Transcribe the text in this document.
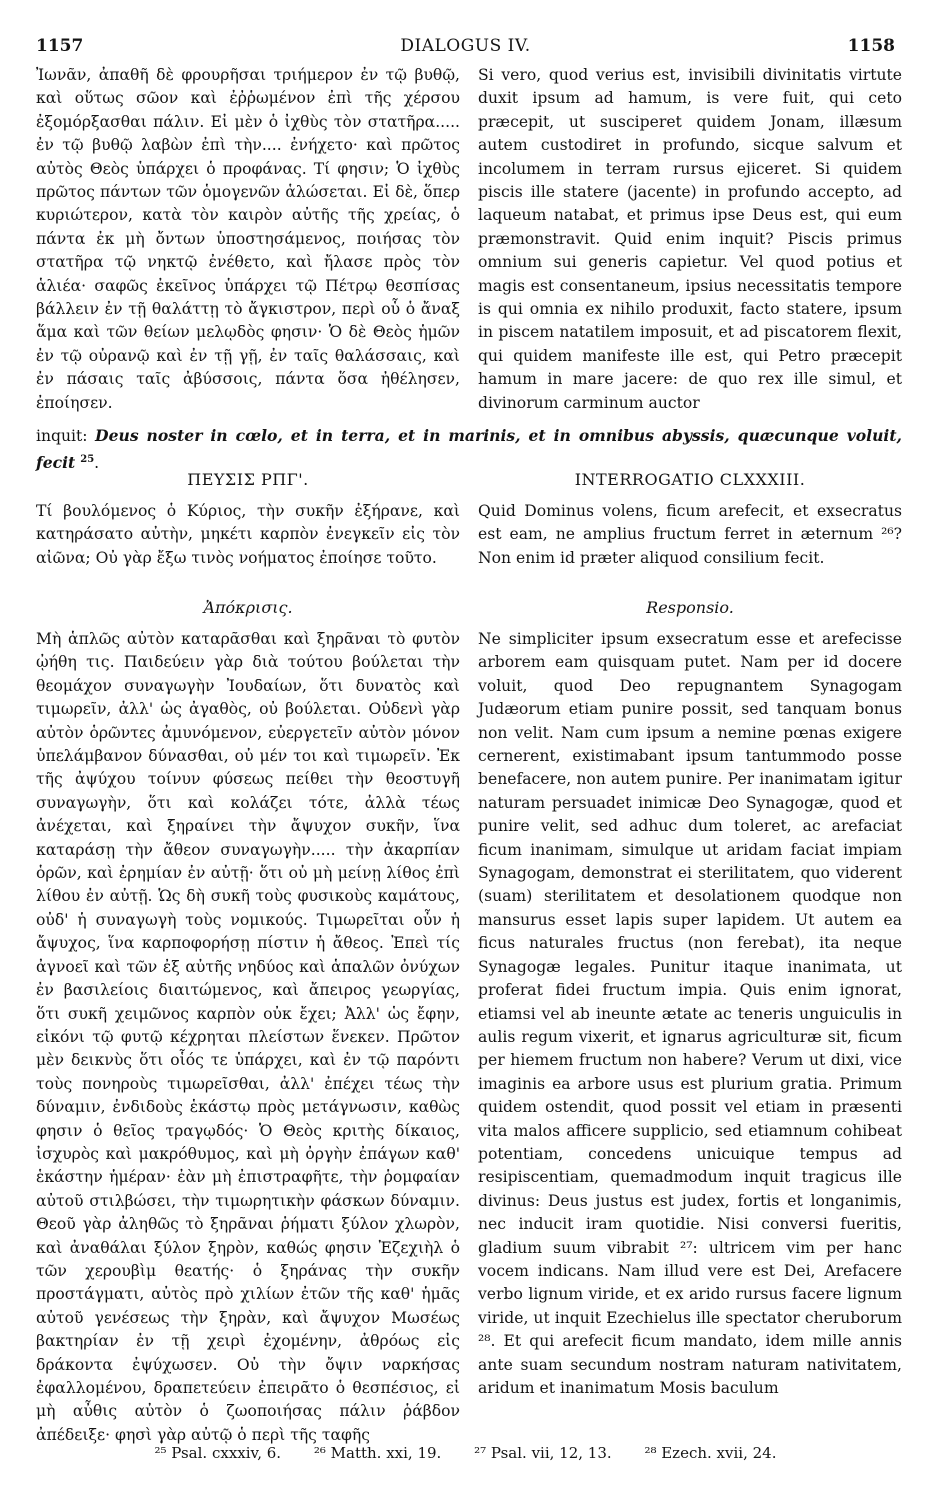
1157	DIALOGUS IV.	1158

Ἰωνᾶν, ἀπαθῆ δὲ φρουρῆσαι τριήμερον ἐν τῷ βυθῷ, καὶ οὕτως σῶον καὶ ἐῤῥωμένον ἐπὶ τῆς χέρσου ἐξομόρξασθαι πάλιν. Εἰ μὲν ὁ ἰχθὺς τὸν στατῆρα..... ἐν τῷ βυθῷ λαβὼν ἐπὶ τὴν.... ἐνήχετο· καὶ πρῶτος αὐτὸς Θεὸς ὑπάρχει ὁ προφάνας. Τί φησιν; Ὁ ἰχθὺς πρῶτος πάντων τῶν ὁμογενῶν ἁλώσεται. Εἰ δὲ, ὅπερ κυριώτερον, κατὰ τὸν καιρὸν αὐτῆς τῆς χρείας, ὁ πάντα ἐκ μὴ ὄντων ὑποστησάμενος, ποιήσας τὸν στατῆρα τῷ νηκτῷ ἐνέθετο, καὶ ἤλασε πρὸς τὸν ἁλιέα· σαφῶς ἐκεῖνος ὑπάρχει τῷ Πέτρῳ θεσπίσας βάλλειν ἐν τῇ θαλάττῃ τὸ ἄγκιστρον, περὶ οὗ ὁ ἄναξ ἅμα καὶ τῶν θείων μελῳδὸς φησιν· Ὁ δὲ Θεὸς ἡμῶν ἐν τῷ οὐρανῷ καὶ ἐν τῇ γῇ, ἐν ταῖς θαλάσσαις, καὶ ἐν πάσαις ταῖς ἀβύσσοις, πάντα ὅσα ἠθέλησεν, ἐποίησεν.

Si vero, quod verius est, invisibili divinitatis virtute duxit ipsum ad hamum, is vere fuit, qui ceto præcepit, ut susciperet quidem Jonam, illæsum autem custodiret in profundo, sicque salvum et incolumem in terram rursus ejiceret. Si quidem piscis ille statere (jacente) in profundo accepto, ad laqueum natabat, et primus ipse Deus est, qui eum præmonstravit. Quid enim inquit? Piscis primus omnium sui generis capietur. Vel quod potius et magis est consentaneum, ipsius necessitatis tempore is qui omnia ex nihilo produxit, facto statere, ipsum in piscem natatilem imposuit, et ad piscatorem flexit, qui quidem manifeste ille est, qui Petro præcepit hamum in mare jacere: de quo rex ille simul, et divinorum carminum auctor

inquit: Deus noster in cœlo, et in terra, et in marinis, et in omnibus abyssis, quæcunque voluit, fecit $^{25}$.
ΠΕΥΣΙΣ ΡΠΓ'.	INTERROGATIO CLXXXIII.

Τί βουλόμενος ὁ Κύριος, τὴν συκῆν ἐξήρανε, καὶ κατηράσατο αὐτὴν, μηκέτι καρπὸν ἐνεγκεῖν εἰς τὸν αἰῶνα; Οὐ γὰρ ἔξω τινὸς νοήματος ἐποίησε τοῦτο.

Quid Dominus volens, ficum arefecit, et exsecratus est eam, ne amplius fructum ferret in æternum ²⁶? Non enim id præter aliquod consilium fecit.

Ἀπόκρισις.	Responsio.

Μὴ ἁπλῶς αὐτὸν καταρᾶσθαι καὶ ξηρᾶναι τὸ φυτὸν ᾠήθη τις. Παιδεύειν γὰρ διὰ τούτου βούλεται τὴν θεομάχον συναγωγὴν Ἰουδαίων, ὅτι δυνατὸς καὶ τιμωρεῖν, ἀλλ' ὡς ἀγαθὸς, οὐ βούλεται. Οὐδενὶ γὰρ αὐτὸν ὁρῶντες ἀμυνόμενον, εὐεργετεῖν αὐτὸν μόνον ὑπελάμβανον δύνασθαι, οὐ μέν τοι καὶ τιμωρεῖν. Ἐκ τῆς ἀψύχου τοίνυν φύσεως πείθει τὴν θεοστυγῆ συναγωγὴν, ὅτι καὶ κολάζει τότε, ἀλλὰ τέως ἀνέχεται, καὶ ξηραίνει τὴν ἄψυχον συκῆν, ἵνα καταράσῃ τὴν ἄθεον συναγωγὴν..... τὴν ἀκαρπίαν ὁρῶν, καὶ ἐρημίαν ἐν αὐτῇ· ὅτι οὐ μὴ μείνῃ λίθος ἐπὶ λίθου ἐν αὐτῇ. Ὡς δὴ συκῆ τοὺς φυσικοὺς καμάτους, οὐδ' ἡ συναγωγὴ τοὺς νομικούς. Τιμωρεῖται οὖν ἡ ἄψυχος, ἵνα καρποφορήσῃ πίστιν ἡ ἄθεος. Ἐπεὶ τίς ἀγνοεῖ καὶ τῶν ἐξ αὐτῆς νηδύος καὶ ἁπαλῶν ὀνύχων ἐν βασιλείοις διαιτώμενος, καὶ ἄπειρος γεωργίας, ὅτι συκῆ χειμῶνος καρπὸν οὐκ ἔχει; Ἀλλ' ὡς ἔφην, εἰκόνι τῷ φυτῷ κέχρηται πλείστων ἕνεκεν. Πρῶτον μὲν δεικνὺς ὅτι οἷός τε ὑπάρχει, καὶ ἐν τῷ παρόντι τοὺς πονηροὺς τιμωρεῖσθαι, ἀλλ' ἐπέχει τέως τὴν δύναμιν, ἐνδιδοὺς ἑκάστῳ πρὸς μετάγνωσιν, καθὼς φησιν ὁ θεῖος τραγῳδός· Ὁ Θεὸς κριτὴς δίκαιος, ἰσχυρὸς καὶ μακρόθυμος, καὶ μὴ ὀργὴν ἐπάγων καθ' ἑκάστην ἡμέραν· ἐὰν μὴ ἐπιστραφῆτε, τὴν ῥομφαίαν αὐτοῦ στιλβώσει, τὴν τιμωρητικὴν φάσκων δύναμιν. Θεοῦ γὰρ ἀληθῶς τὸ ξηρᾶναι ῥήματι ξύλον χλωρὸν, καὶ ἀναθάλαι ξύλον ξηρὸν, καθώς φησιν Ἐζεχιὴλ ὁ τῶν χερουβὶμ θεατής· ὁ ξηράνας τὴν συκῆν προστάγματι, αὐτὸς πρὸ χιλίων ἐτῶν τῆς καθ' ἡμᾶς αὐτοῦ γενέσεως τὴν ξηρὰν, καὶ ἄψυχον Μωσέως βακτηρίαν ἐν τῇ χειρὶ ἐχομένην, ἀθρόως εἰς δράκοντα ἐψύχωσεν. Οὐ τὴν ὄψιν ναρκήσας ἐφαλλομένου, δραπετεύειν ἐπειρᾶτο ὁ θεσπέσιος, εἰ μὴ αὖθις αὐτὸν ὁ ζωοποιήσας πάλιν ῥάβδον ἀπέδειξε· φησὶ γὰρ αὐτῷ ὁ περὶ τῆς ταφῆς

Ne simpliciter ipsum exsecratum esse et arefecisse arborem eam quisquam putet. Nam per id docere voluit, quod Deo repugnantem Synagogam Judæorum etiam punire possit, sed tanquam bonus non velit. Nam cum ipsum a nemine pœnas exigere cernerent, existimabant ipsum tantummodo posse benefacere, non autem punire. Per inanimatam igitur naturam persuadet inimicæ Deo Synagogæ, quod et punire velit, sed adhuc dum toleret, ac arefaciat ficum inanimam, simulque ut aridam faciat impiam Synagogam, demonstrat ei sterilitatem, quo viderent (suam) sterilitatem et desolationem quodque non mansurus esset lapis super lapidem. Ut autem ea ficus naturales fructus (non ferebat), ita neque Synagogæ legales. Punitur itaque inanimata, ut proferat fidei fructum impia. Quis enim ignorat, etiamsi vel ab ineunte ætate ac teneris unguiculis in aulis regum vixerit, et ignarus agriculturæ sit, ficum per hiemem fructum non habere? Verum ut dixi, vice imaginis ea arbore usus est plurium gratia. Primum quidem ostendit, quod possit vel etiam in præsenti vita malos afficere supplicio, sed etiamnum cohibeat potentiam, concedens unicuique tempus ad resipiscentiam, quemadmodum inquit tragicus ille divinus: Deus justus est judex, fortis et longanimis, nec inducit iram quotidie. Nisi conversi fueritis, gladium suum vibrabit ²⁷: ultricem vim per hanc vocem indicans. Nam illud vere est Dei, Arefacere verbo lignum viride, et ex arido rursus facere lignum viride, ut inquit Ezechielus ille spectator cheruborum ²⁸. Et qui arefecit ficum mandato, idem mille annis ante suam secundum nostram naturam nativitatem, aridum et inanimatum Mosis baculum

²⁵ Psal. cxxxiv, 6. ²⁶ Matth. xxi, 19. ²⁷ Psal. vii, 12, 13. ²⁸ Ezech. xvii, 24.
